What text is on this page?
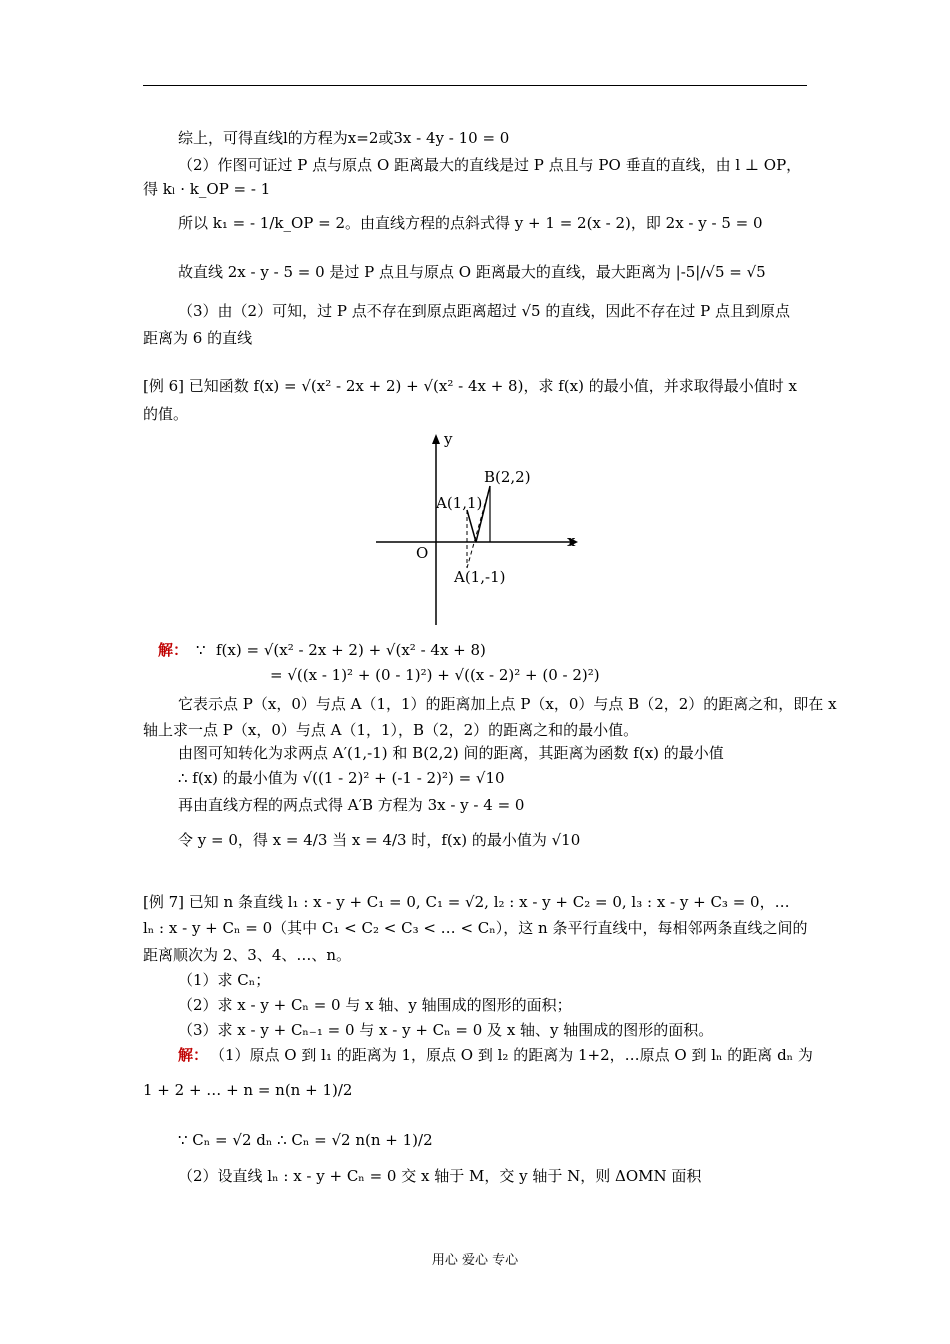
综上，可得直线l的方程为x=2或3x - 4y - 10 = 0
（2）作图可证过 P 点与原点 O 距离最大的直线是过 P 点且与 PO 垂直的直线，由 l ⊥ OP，
得 kₗ · k_OP = - 1
所以 k₁ = - 1/k_OP = 2。由直线方程的点斜式得 y + 1 = 2(x - 2)，即 2x - y - 5 = 0
故直线 2x - y - 5 = 0 是过 P 点且与原点 O 距离最大的直线，最大距离为 |-5|/√5 = √5
（3）由（2）可知，过 P 点不存在到原点距离超过 √5 的直线，因此不存在过 P 点且到原点
距离为 6 的直线
[例 6] 已知函数 f(x) = √(x² - 2x + 2) + √(x² - 4x + 8)，求 f(x) 的最小值，并求取得最小值时 x
的值。
y
x
O
A(1,1)
B(2,2)
A(1,-1)
解： ∵ f(x) = √(x² - 2x + 2) + √(x² - 4x + 8)
= √((x - 1)² + (0 - 1)²) + √((x - 2)² + (0 - 2)²)
它表示点 P（x，0）与点 A（1，1）的距离加上点 P（x，0）与点 B（2，2）的距离之和，即在 x
轴上求一点 P（x，0）与点 A（1，1），B（2，2）的距离之和的最小值。
由图可知转化为求两点 A′(1,-1) 和 B(2,2) 间的距离，其距离为函数 f(x) 的最小值
∴ f(x) 的最小值为 √((1 - 2)² + (-1 - 2)²) = √10
再由直线方程的两点式得 A′B 方程为 3x - y - 4 = 0
令 y = 0，得 x = 4/3 当 x = 4/3 时，f(x) 的最小值为 √10
[例 7] 已知 n 条直线 l₁ : x - y + C₁ = 0, C₁ = √2, l₂ : x - y + C₂ = 0, l₃ : x - y + C₃ = 0，…
lₙ : x - y + Cₙ = 0（其中 C₁ < C₂ < C₃ < … < Cₙ），这 n 条平行直线中，每相邻两条直线之间的
距离顺次为 2、3、4、…、n。
（1）求 Cₙ；
（2）求 x - y + Cₙ = 0 与 x 轴、y 轴围成的图形的面积；
（3）求 x - y + Cₙ₋₁ = 0 与 x - y + Cₙ = 0 及 x 轴、y 轴围成的图形的面积。
解： （1）原点 O 到 l₁ 的距离为 1，原点 O 到 l₂ 的距离为 1+2，…原点 O 到 lₙ 的距离 dₙ 为
1 + 2 + … + n = n(n + 1)/2
∵ Cₙ = √2 dₙ ∴ Cₙ = √2 n(n + 1)/2
（2）设直线 lₙ : x - y + Cₙ = 0 交 x 轴于 M，交 y 轴于 N，则 ΔOMN 面积
用心 爱心 专心
